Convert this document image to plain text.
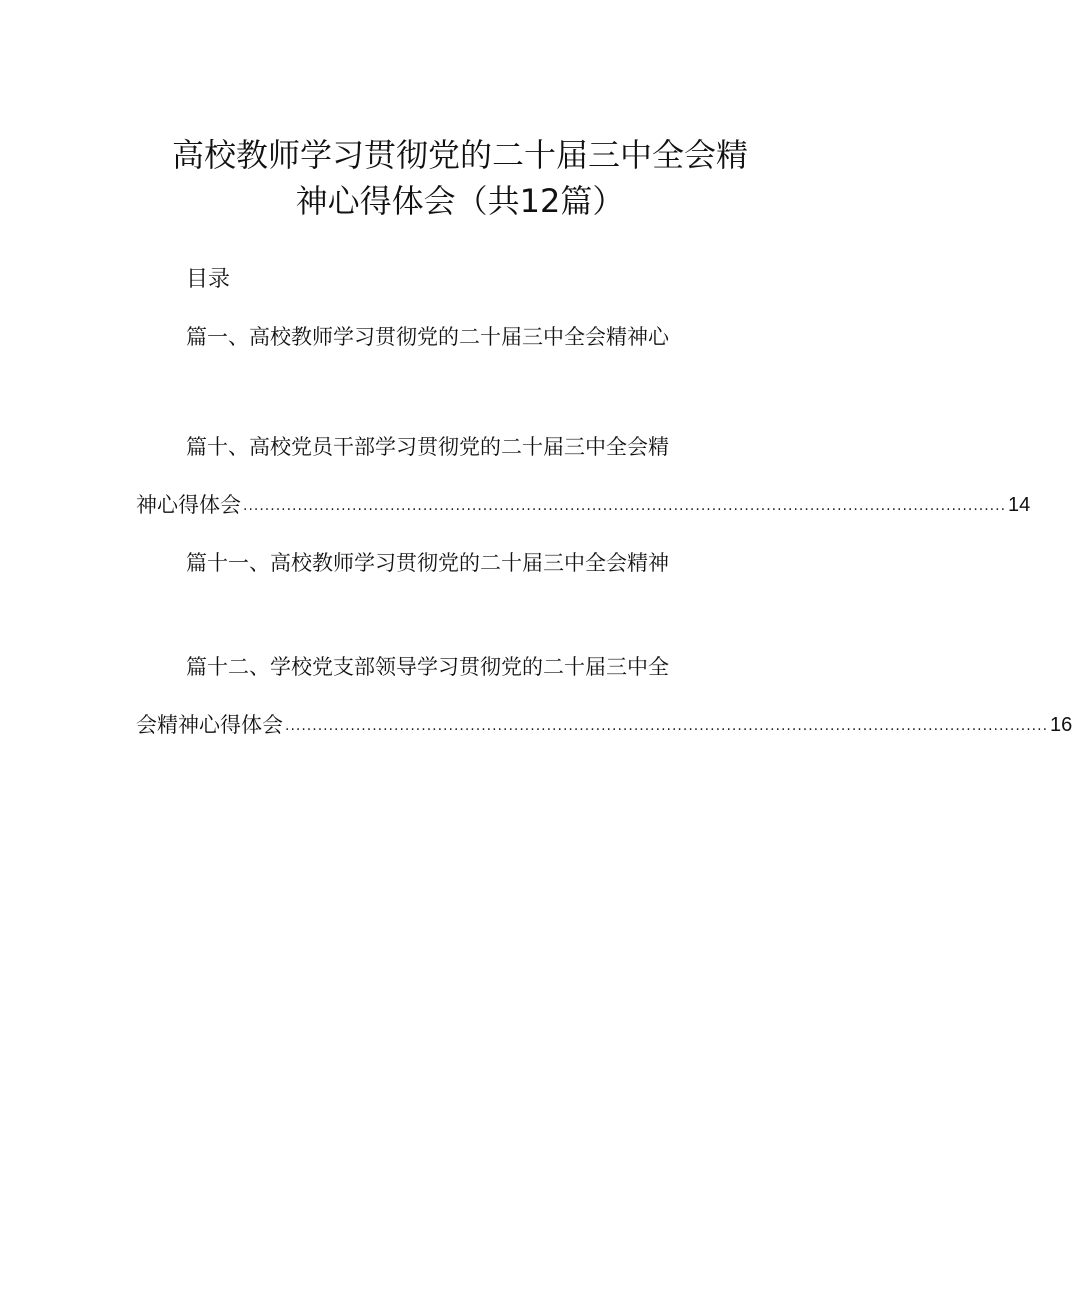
高校教师学习贯彻党的二十届三中全会精
神心得体会（共12篇）
目录
篇一、高校教师学习贯彻党的二十届三中全会精神心
篇十、高校党员干部学习贯彻党的二十届三中全会精
神心得体会 ............................................................................................................................................ 14
篇十一、高校教师学习贯彻党的二十届三中全会精神
篇十二、学校党支部领导学习贯彻党的二十届三中全
会精神心得体会 ............................................................................................................................................ 16
